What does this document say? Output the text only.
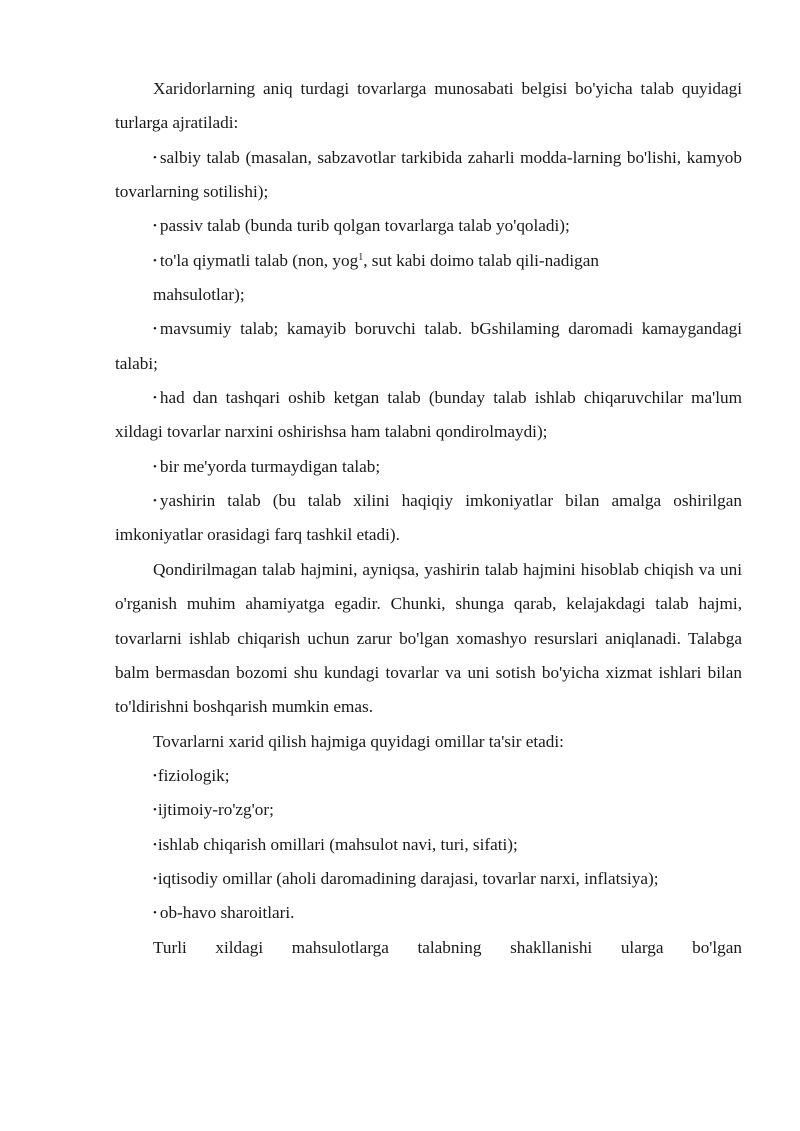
Xaridorlarning aniq turdagi tovarlarga munosabati belgisi bo'yicha talab quyidagi turlarga ajratiladi:

• salbiy talab (masalan, sabzavotlar tarkibida zaharli modda-larning bo'lishi, kamyob tovarlarning sotilishi);

• passiv talab (bunda turib qolgan tovarlarga talab yo'qoladi);

• to'la qiymatli talab (non, yog$^1$, sut kabi doimo talab qili-nadigan

mahsulotlar);

• mavsumiy talab; kamayib boruvchi talab. bGshilaming daromadi kamaygandagi talabi;

• had dan tashqari oshib ketgan talab (bunday talab ishlab chiqaruvchilar ma'lum xildagi tovarlar narxini oshirishsa ham talabni qondirolmaydi);

• bir me'yorda turmaydigan talab;

• yashirin talab (bu talab xilini haqiqiy imkoniyatlar bilan amalga oshirilgan imkoniyatlar orasidagi farq tashkil etadi).

Qondirilmagan talab hajmini, ayniqsa, yashirin talab hajmini hisoblab chiqish va uni o'rganish muhim ahamiyatga egadir. Chunki, shunga qarab, kelajakdagi talab hajmi, tovarlarni ishlab chiqarish uchun zarur bo'lgan xomashyo resurslari aniqlanadi. Talabga balm bermasdan bozomi shu kundagi tovarlar va uni sotish bo'yicha xizmat ishlari bilan to'ldirishni boshqarish mumkin emas.

Tovarlarni xarid qilish hajmiga quyidagi omillar ta'sir etadi:

•fiziologik;

•ijtimoiy-ro'zg'or;

•ishlab chiqarish omillari (mahsulot navi, turi, sifati);

•iqtisodiy omillar (aholi daromadining darajasi, tovarlar narxi, inflatsiya);

• ob-havo sharoitlari.

Turli xildagi mahsulotlarga talabning shakllanishi ularga bo'lgan
